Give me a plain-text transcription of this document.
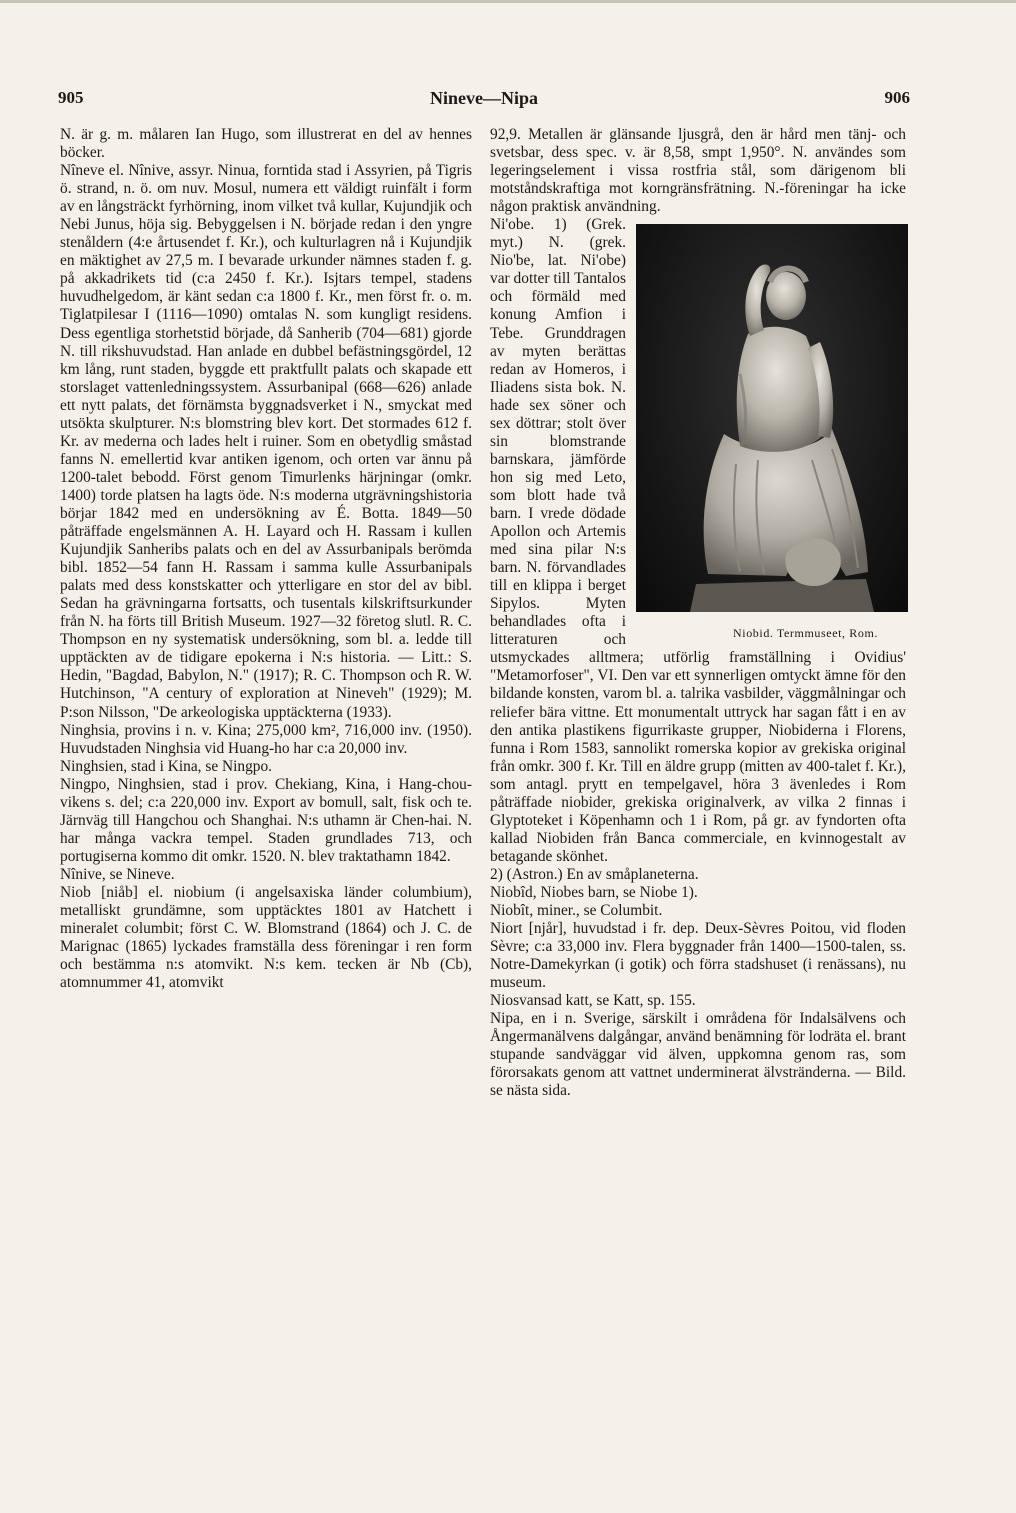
905	Nineve—Nipa	906

N. är g. m. målaren Ian Hugo, som illustrerat en del av hennes böcker.

Nîneve el. Nînive, assyr. Ninua, forntida stad i Assyrien, på Tigris ö. strand, n. ö. om nuv. Mosul, numera ett väldigt ruinfält i form av en långsträckt fyrhörning, inom vilket två kullar, Kujundjik och Nebi Junus, höja sig. Bebyggelsen i N. började redan i den yngre stenåldern (4:e årtusendet f. Kr.), och kulturlagren nå i Kujundjik en mäktighet av 27,5 m. I bevarade urkunder nämnes staden f. g. på akkadrikets tid (c:a 2450 f. Kr.). Isjtars tempel, stadens huvudhelgedom, är känt sedan c:a 1800 f. Kr., men först fr. o. m. Tiglatpilesar I (1116—1090) omtalas N. som kungligt residens. Dess egentliga storhetstid började, då Sanherib (704—681) gjorde N. till rikshuvudstad. Han anlade en dubbel befästningsgördel, 12 km lång, runt staden, byggde ett praktfullt palats och skapade ett storslaget vattenledningssystem. Assurbanipal (668—626) anlade ett nytt palats, det förnämsta byggnadsverket i N., smyckat med utsökta skulpturer. N:s blomstring blev kort. Det stormades 612 f. Kr. av mederna och lades helt i ruiner. Som en obetydlig småstad fanns N. emellertid kvar antiken igenom, och orten var ännu på 1200-talet bebodd. Först genom Timurlenks härjningar (omkr. 1400) torde platsen ha lagts öde. N:s moderna utgrävningshistoria börjar 1842 med en undersökning av É. Botta. 1849—50 påträffade engelsmännen A. H. Layard och H. Rassam i kullen Kujundjik Sanheribs palats och en del av Assurbanipals berömda bibl. 1852—54 fann H. Rassam i samma kulle Assurbanipals palats med dess konstskatter och ytterligare en stor del av bibl. Sedan ha grävningarna fortsatts, och tusentals kilskriftsurkunder från N. ha förts till British Museum. 1927—32 företog slutl. R. C. Thompson en ny systematisk undersökning, som bl. a. ledde till upptäckten av de tidigare epokerna i N:s historia. — Litt.: S. Hedin, "Bagdad, Babylon, N." (1917); R. C. Thompson och R. W. Hutchinson, "A century of exploration at Nineveh" (1929); M. P:son Nilsson, "De arkeologiska upptäckterna (1933).

Ninghsia, provins i n. v. Kina; 275,000 km², 716,000 inv. (1950). Huvudstaden Ninghsia vid Huang-ho har c:a 20,000 inv.

Ninghsien, stad i Kina, se Ningpo.

Ningpo, Ninghsien, stad i prov. Chekiang, Kina, i Hang-chou-vikens s. del; c:a 220,000 inv. Export av bomull, salt, fisk och te. Järnväg till Hangchou och Shanghai. N:s uthamn är Chen-hai. N. har många vackra tempel. Staden grundlades 713, och portugiserna kommo dit omkr. 1520. N. blev traktathamn 1842.

Nînive, se Nineve.

Niob [niåb] el. niobium (i angelsaxiska länder columbium), metalliskt grundämne, som upptäcktes 1801 av Hatchett i mineralet columbit; först C. W. Blomstrand (1864) och J. C. de Marignac (1865) lyckades framställa dess föreningar i ren form och bestämma n:s atomvikt. N:s kem. tecken är Nb (Cb), atomnummer 41, atomvikt

92,9. Metallen är glänsande ljusgrå, den är hård men tänj- och svetsbar, dess spec. v. är 8,58, smpt 1,950°. N. användes som legeringselement i vissa rostfria stål, som därigenom bli motståndskraftiga mot korngränsfrätning. N.-föreningar ha icke någon praktisk användning.

Niobid. Termmuseet, Rom.

Ni'obe. 1) (Grek. myt.) N. (grek. Nio'be, lat. Ni'obe) var dotter till Tantalos och förmäld med konung Amfion i Tebe. Grunddragen av myten berättas redan av Homeros, i Iliadens sista bok. N. hade sex söner och sex döttrar; stolt över sin blomstrande barnskara, jämförde hon sig med Leto, som blott hade två barn. I vrede dödade Apollon och Artemis med sina pilar N:s barn. N. förvandlades till en klippa i berget Sipylos. Myten behandlades ofta i litteraturen och utsmyckades alltmera; utförlig framställning i Ovidius' "Metamorfoser", VI. Den var ett synnerligen omtyckt ämne för den bildande konsten, varom bl. a. talrika vasbilder, väggmålningar och reliefer bära vittne. Ett monumentalt uttryck har sagan fått i en av den antika plastikens figurrikaste grupper, Niobiderna i Florens, funna i Rom 1583, sannolikt romerska kopior av grekiska original från omkr. 300 f. Kr. Till en äldre grupp (mitten av 400-talet f. Kr.), som antagl. prytt en tempelgavel, höra 3 ävenledes i Rom påträffade niobider, grekiska originalverk, av vilka 2 finnas i Glyptoteket i Köpenhamn och 1 i Rom, på gr. av fyndorten ofta kallad Niobiden från Banca commerciale, en kvinnogestalt av betagande skönhet.

2) (Astron.) En av småplaneterna.

Niobîd, Niobes barn, se Niobe 1).

Niobît, miner., se Columbit.

Niort [njår], huvudstad i fr. dep. Deux-Sèvres Poitou, vid floden Sèvre; c:a 33,000 inv. Flera byggnader från 1400—1500-talen, ss. Notre-Damekyrkan (i gotik) och förra stadshuset (i renässans), nu museum.

Niosvansad katt, se Katt, sp. 155.

Nipa, en i n. Sverige, särskilt i områdena för Indalsälvens och Ångermanälvens dalgångar, använd benämning för lodräta el. brant stupande sandväggar vid älven, uppkomna genom ras, som förorsakats genom att vattnet underminerat älvstränderna. — Bild. se nästa sida.
